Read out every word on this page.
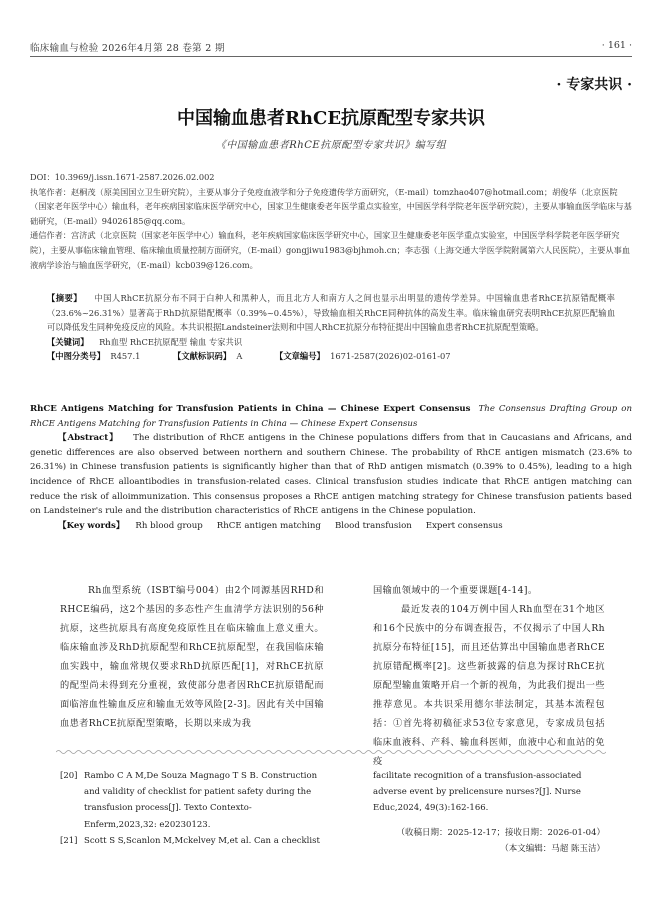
临床输血与检验 2026年4月第 28 卷第 2 期	· 161 ·
· 专家共识 ·
中国输血患者RhCE抗原配型专家共识
《中国输血患者RhCE抗原配型专家共识》编写组

DOI：10.3969/j.issn.1671-2587.2026.02.002

执笔作者：赵桐茂（原美国国立卫生研究院），主要从事分子免疫血液学和分子免疫遗传学方面研究，（E-mail）tomzhao407@hotmail.com；胡俊华（北京医院（国家老年医学中心）输血科，老年疾病国家临床医学研究中心，国家卫生健康委老年医学重点实验室，中国医学科学院老年医学研究院），主要从事输血医学临床与基础研究，（E-mail）94026185@qq.com。

通信作者：宫济武（北京医院（国家老年医学中心）输血科，老年疾病国家临床医学研究中心，国家卫生健康委老年医学重点实验室，中国医学科学院老年医学研究院），主要从事临床输血管理、临床输血质量控制方面研究，（E-mail）gongjiwu1983@bjhmoh.cn；李志强（上海交通大学医学院附属第六人民医院），主要从事血液病学诊治与输血医学研究，（E-mail）kcb039@126.com。

【摘要】 中国人RhCE抗原分布不同于白种人和黑种人，而且北方人和南方人之间也显示出明显的遗传学差异。中国输血患者RhCE抗原错配概率（23.6%~26.31%）显著高于RhD抗原错配概率（0.39%~0.45%），导致输血相关RhCE同种抗体的高发生率。临床输血研究表明RhCE抗原匹配输血可以降低发生同种免疫反应的风险。本共识根据Landsteiner法则和中国人RhCE抗原分布特征提出中国输血患者RhCE抗原配型策略。

【关键词】 Rh血型 RhCE抗原配型 输血 专家共识

【中图分类号】 R457.1	【文献标识码】 A	【文章编号】 1671-2587(2026)02-0161-07

RhCE Antigens Matching for Transfusion Patients in China — Chinese Expert Consensus The Consensus Drafting Group on RhCE Antigens Matching for Transfusion Patients in China — Chinese Expert Consensus

【Abstract】 The distribution of RhCE antigens in the Chinese populations differs from that in Caucasians and Africans, and genetic differences are also observed between northern and southern Chinese. The probability of RhCE antigen mismatch (23.6% to 26.31%) in Chinese transfusion patients is significantly higher than that of RhD antigen mismatch (0.39% to 0.45%), leading to a high incidence of RhCE alloantibodies in transfusion-related cases. Clinical transfusion studies indicate that RhCE antigen matching can reduce the risk of alloimmunization. This consensus proposes a RhCE antigen matching strategy for Chinese transfusion patients based on Landsteiner's rule and the distribution characteristics of RhCE antigens in the Chinese population.

【Key words】 Rh blood group RhCE antigen matching Blood transfusion Expert consensus

Rh血型系统（ISBT编号004）由2个同源基因RHD和RHCE编码，这2个基因的多态性产生血清学方法识别的56种抗原，这些抗原具有高度免疫原性且在临床输血上意义重大。临床输血涉及RhD抗原配型和RhCE抗原配型，在我国临床输血实践中，输血常规仅要求RhD抗原匹配[1]，对RhCE抗原的配型尚未得到充分重视，致使部分患者因RhCE抗原错配而面临溶血性输血反应和输血无效等风险[2-3]。因此有关中国输血患者RhCE抗原配型策略，长期以来成为我

国输血领域中的一个重要课题[4-14]。

最近发表的104万例中国人Rh血型在31个地区和16个民族中的分布调查报告，不仅揭示了中国人Rh抗原分布特征[15]，而且还估算出中国输血患者RhCE抗原错配概率[2]。这些新披露的信息为探讨RhCE抗原配型输血策略开启一个新的视角，为此我们提出一些推荐意见。本共识采用德尔菲法制定，其基本流程包括：①首先将初稿征求53位专家意见，专家成员包括临床血液科、产科、输血科医师，血液中心和血站的免疫

[20] Rambo C A M,De Souza Magnago T S B. Construction and validity of checklist for patient safety during the transfusion process[J]. Texto Contexto-Enferm,2023,32: e20230123.
[21] Scott S S,Scanlon M,Mckelvey M,et al. Can a checklist
facilitate recognition of a transfusion-associated adverse event by prelicensure nurses?[J]. Nurse Educ,2024, 49(3):162-166.
（收稿日期：2025-12-17；接收日期：2026-01-04）
（本文编辑：马超 陈玉洁）
